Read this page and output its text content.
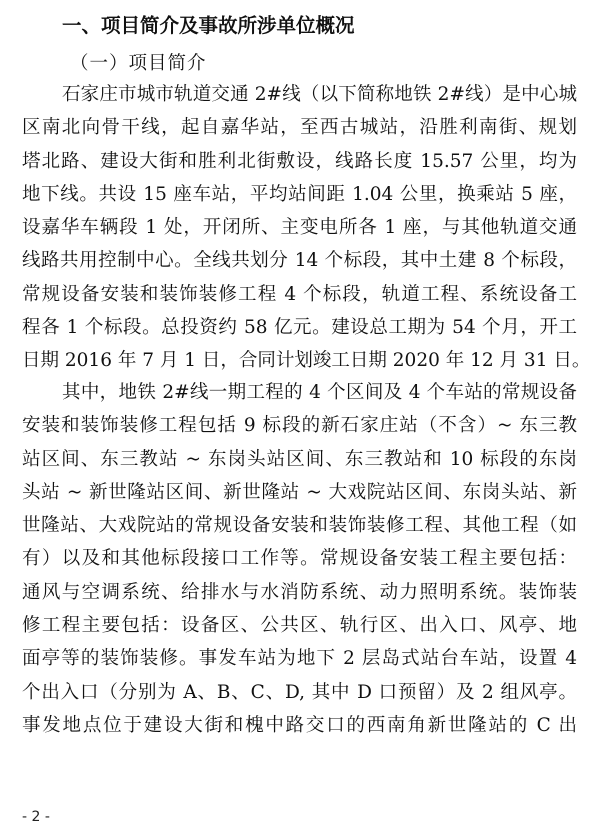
一、项目简介及事故所涉单位概况
（一）项目简介
石家庄市城市轨道交通 2#线（以下简称地铁 2#线）是中心城
区南北向骨干线，起自嘉华站，至西古城站，沿胜利南街、规划
塔北路、建设大街和胜利北街敷设，线路长度 15.57 公里，均为
地下线。共设 15 座车站，平均站间距 1.04 公里，换乘站 5 座，
设嘉华车辆段 1 处，开闭所、主变电所各 1 座，与其他轨道交通
线路共用控制中心。全线共划分 14 个标段，其中土建 8 个标段，
常规设备安装和装饰装修工程 4 个标段，轨道工程、系统设备工
程各 1 个标段。总投资约 58 亿元。建设总工期为 54 个月，开工
日期 2016 年 7 月 1 日，合同计划竣工日期 2020 年 12 月 31 日。
其中，地铁 2#线一期工程的 4 个区间及 4 个车站的常规设备
安装和装饰装修工程包括 9 标段的新石家庄站（不含）~ 东三教
站区间、东三教站 ~ 东岗头站区间、东三教站和 10 标段的东岗
头站 ~ 新世隆站区间、新世隆站 ~ 大戏院站区间、东岗头站、新
世隆站、大戏院站的常规设备安装和装饰装修工程、其他工程（如
有）以及和其他标段接口工作等。常规设备安装工程主要包括：
通风与空调系统、给排水与水消防系统、动力照明系统。装饰装
修工程主要包括：设备区、公共区、轨行区、出入口、风亭、地
面亭等的装饰装修。事发车站为地下 2 层岛式站台车站，设置 4
个出入口（分别为 A、B、C、D, 其中 D 口预留）及 2 组风亭。
事发地点位于建设大街和槐中路交口的西南角新世隆站的 C 出
- 2 -
